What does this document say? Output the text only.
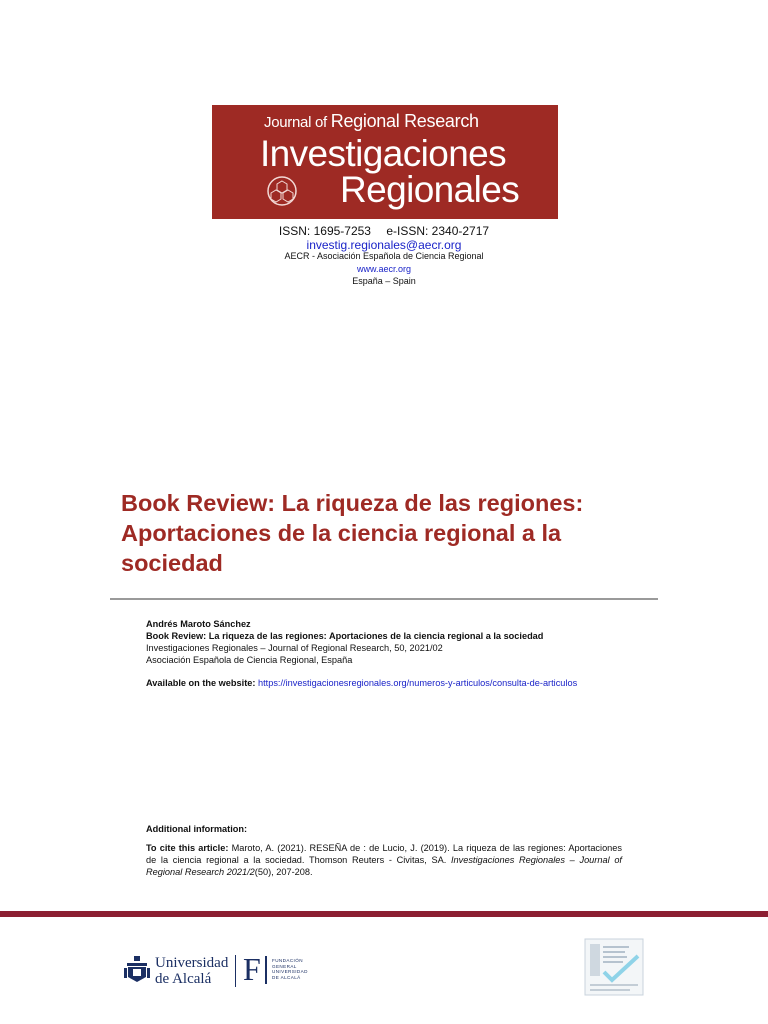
Journal of Regional Research
Investigaciones
Regionales
ISSN: 1695-7253 e-ISSN: 2340-2717
investig.regionales@aecr.org
AECR - Asociación Española de Ciencia Regional
www.aecr.org
España – Spain
Book Review: La riqueza de las regiones:
Aportaciones de la ciencia regional a la
sociedad
Andrés Maroto Sánchez
Book Review: La riqueza de las regiones: Aportaciones de la ciencia regional a la sociedad
Investigaciones Regionales – Journal of Regional Research, 50, 2021/02
Asociación Española de Ciencia Regional, España
Available on the website: https://investigacionesregionales.org/numeros-y-articulos/consulta-de-articulos
Additional information:
To cite this article: Maroto, A. (2021). RESEÑA de : de Lucio, J. (2019). La riqueza de las regiones: Aportaciones de la ciencia regional a la sociedad. Thomson Reuters - Civitas, SA. Investigaciones Regionales – Journal of Regional Research 2021/2(50), 207-208.
Universidad
de Alcalá F FUNDACIÓN
GENERAL
UNIVERSIDAD
DE ALCALÁ
